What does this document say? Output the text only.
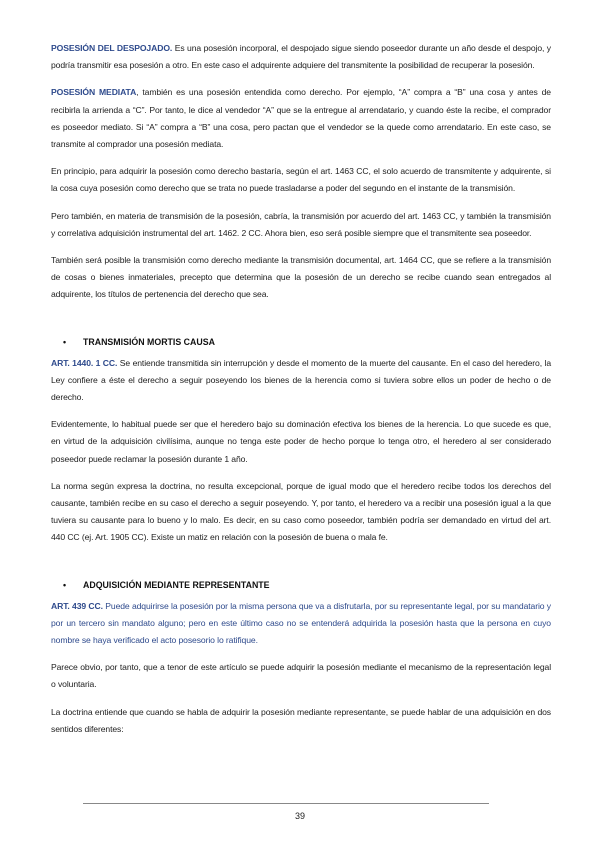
POSESIÓN DEL DESPOJADO. Es una posesión incorporal, el despojado sigue siendo poseedor durante un año desde el despojo, y podría transmitir esa posesión a otro. En este caso el adquirente adquiere del transmitente la posibilidad de recuperar la posesión.

POSESIÓN MEDIATA, también es una posesión entendida como derecho. Por ejemplo, “A” compra a “B” una cosa y antes de recibirla la arrienda a “C”. Por tanto, le dice al vendedor “A” que se la entregue al arrendatario, y cuando éste la recibe, el comprador es poseedor mediato. Si “A” compra a “B” una cosa, pero pactan que el vendedor se la quede como arrendatario. En este caso, se transmite al comprador una posesión mediata.

En principio, para adquirir la posesión como derecho bastaría, según el art. 1463 CC, el solo acuerdo de transmitente y adquirente, si la cosa cuya posesión como derecho que se trata no puede trasladarse a poder del segundo en el instante de la transmisión.

Pero también, en materia de transmisión de la posesión, cabría, la transmisión por acuerdo del art. 1463 CC, y también la transmisión y correlativa adquisición instrumental del art. 1462. 2 CC. Ahora bien, eso será posible siempre que el transmitente sea poseedor.

También será posible la transmisión como derecho mediante la transmisión documental, art. 1464 CC, que se refiere a la transmisión de cosas o bienes inmateriales, precepto que determina que la posesión de un derecho se recibe cuando sean entregados al adquirente, los títulos de pertenencia del derecho que sea.

• TRANSMISIÓN MORTIS CAUSA

ART. 1440. 1 CC. Se entiende transmitida sin interrupción y desde el momento de la muerte del causante. En el caso del heredero, la Ley confiere a éste el derecho a seguir poseyendo los bienes de la herencia como si tuviera sobre ellos un poder de hecho o de derecho.

Evidentemente, lo habitual puede ser que el heredero bajo su dominación efectiva los bienes de la herencia. Lo que sucede es que, en virtud de la adquisición civilísima, aunque no tenga este poder de hecho porque lo tenga otro, el heredero al ser considerado poseedor puede reclamar la posesión durante 1 año.

La norma según expresa la doctrina, no resulta excepcional, porque de igual modo que el heredero recibe todos los derechos del causante, también recibe en su caso el derecho a seguir poseyendo. Y, por tanto, el heredero va a recibir una posesión igual a la que tuviera su causante para lo bueno y lo malo. Es decir, en su caso como poseedor, también podría ser demandado en virtud del art. 440 CC (ej. Art. 1905 CC). Existe un matiz en relación con la posesión de buena o mala fe.

• ADQUISICIÓN MEDIANTE REPRESENTANTE

ART. 439 CC. Puede adquirirse la posesión por la misma persona que va a disfrutarla, por su representante legal, por su mandatario y por un tercero sin mandato alguno; pero en este último caso no se entenderá adquirida la posesión hasta que la persona en cuyo nombre se haya verificado el acto posesorio lo ratifique.

Parece obvio, por tanto, que a tenor de este artículo se puede adquirir la posesión mediante el mecanismo de la representación legal o voluntaria.

La doctrina entiende que cuando se habla de adquirir la posesión mediante representante, se puede hablar de una adquisición en dos sentidos diferentes:

39
